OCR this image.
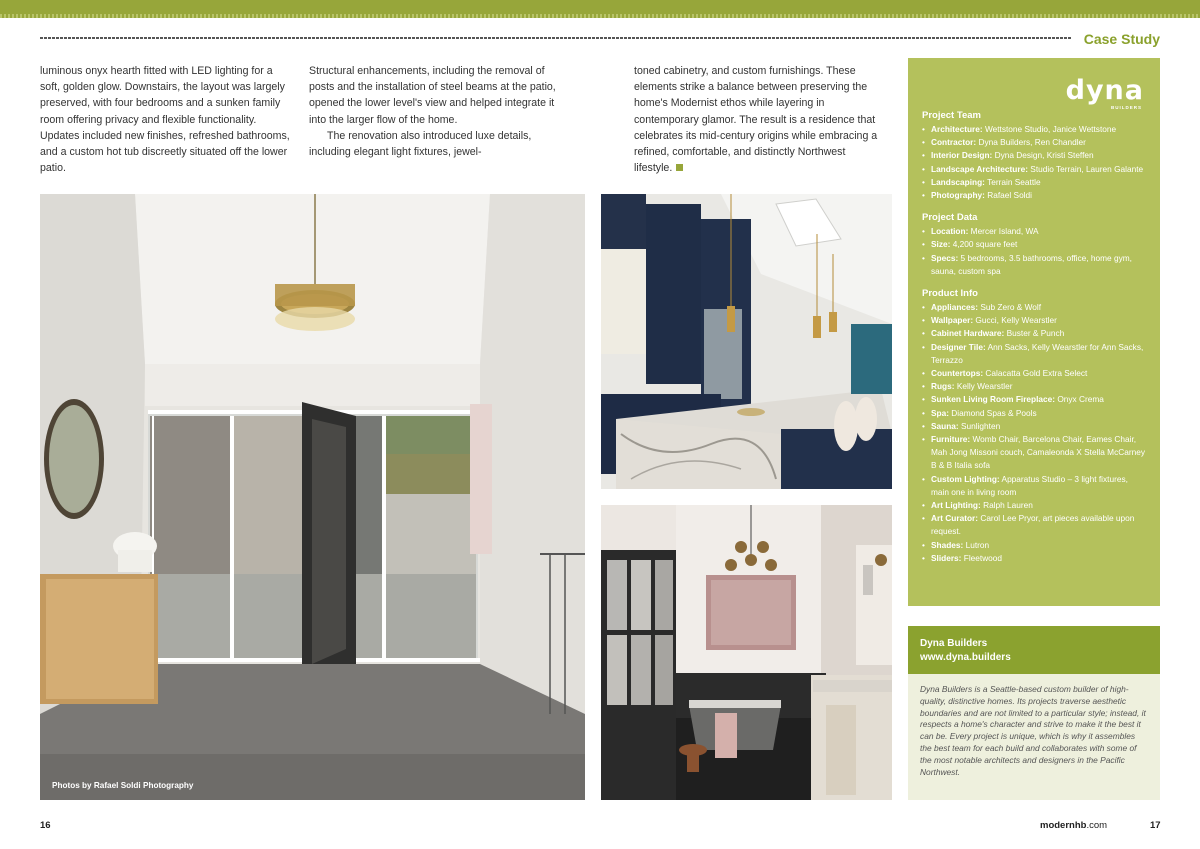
Case Study

luminous onyx hearth fitted with LED lighting for a soft, golden glow. Downstairs, the layout was largely preserved, with four bedrooms and a sunken family room offering privacy and flexible functionality. Updates included new finishes, refreshed bathrooms, and a custom hot tub discreetly situated off the lower patio.

Structural enhancements, including the removal of posts and the installation of steel beams at the patio, opened the lower level's view and helped integrate it into the larger flow of the home.

The renovation also introduced luxe details, including elegant light fixtures, jewel-

toned cabinetry, and custom furnishings. These elements strike a balance between preserving the home's Modernist ethos while layering in contemporary glamor. The result is a residence that celebrates its mid-century origins while embracing a refined, comfortable, and distinctly Northwest lifestyle.

Photos by Rafael Soldi Photography
dyna
BUILDERS
Project Team
• Architecture: Wettstone Studio, Janice Wettstone
• Contractor: Dyna Builders, Ren Chandler
• Interior Design: Dyna Design, Kristi Steffen
• Landscape Architecture: Studio Terrain, Lauren Galante
• Landscaping: Terrain Seattle
• Photography: Rafael Soldi
Project Data
• Location: Mercer Island, WA
• Size: 4,200 square feet
• Specs: 5 bedrooms, 3.5 bathrooms, office, home gym, sauna, custom spa
Product Info
• Appliances: Sub Zero & Wolf
• Wallpaper: Gucci, Kelly Wearstler
• Cabinet Hardware: Buster & Punch
• Designer Tile: Ann Sacks, Kelly Wearstler for Ann Sacks, Terrazzo
• Countertops: Calacatta Gold Extra Select
• Rugs: Kelly Wearstler
• Sunken Living Room Fireplace: Onyx Crema
• Spa: Diamond Spas & Pools
• Sauna: Sunlighten
• Furniture: Womb Chair, Barcelona Chair, Eames Chair, Mah Jong Missoni couch, Camaleonda X Stella McCarney B & B Italia sofa
• Custom Lighting: Apparatus Studio – 3 light fixtures, main one in living room
• Art Lighting: Ralph Lauren
• Art Curator: Carol Lee Pryor, art pieces available upon request.
• Shades: Lutron
• Sliders: Fleetwood
Dyna Builders
www.dyna.builders
Dyna Builders is a Seattle-based custom builder of high-quality, distinctive homes. Its projects traverse aesthetic boundaries and are not limited to a particular style; instead, it respects a home's character and strive to make it the best it can be. Every project is unique, which is why it assembles the best team for each build and collaborates with some of the most notable architects and designers in the Pacific Northwest.
16	modernhb.com	17
